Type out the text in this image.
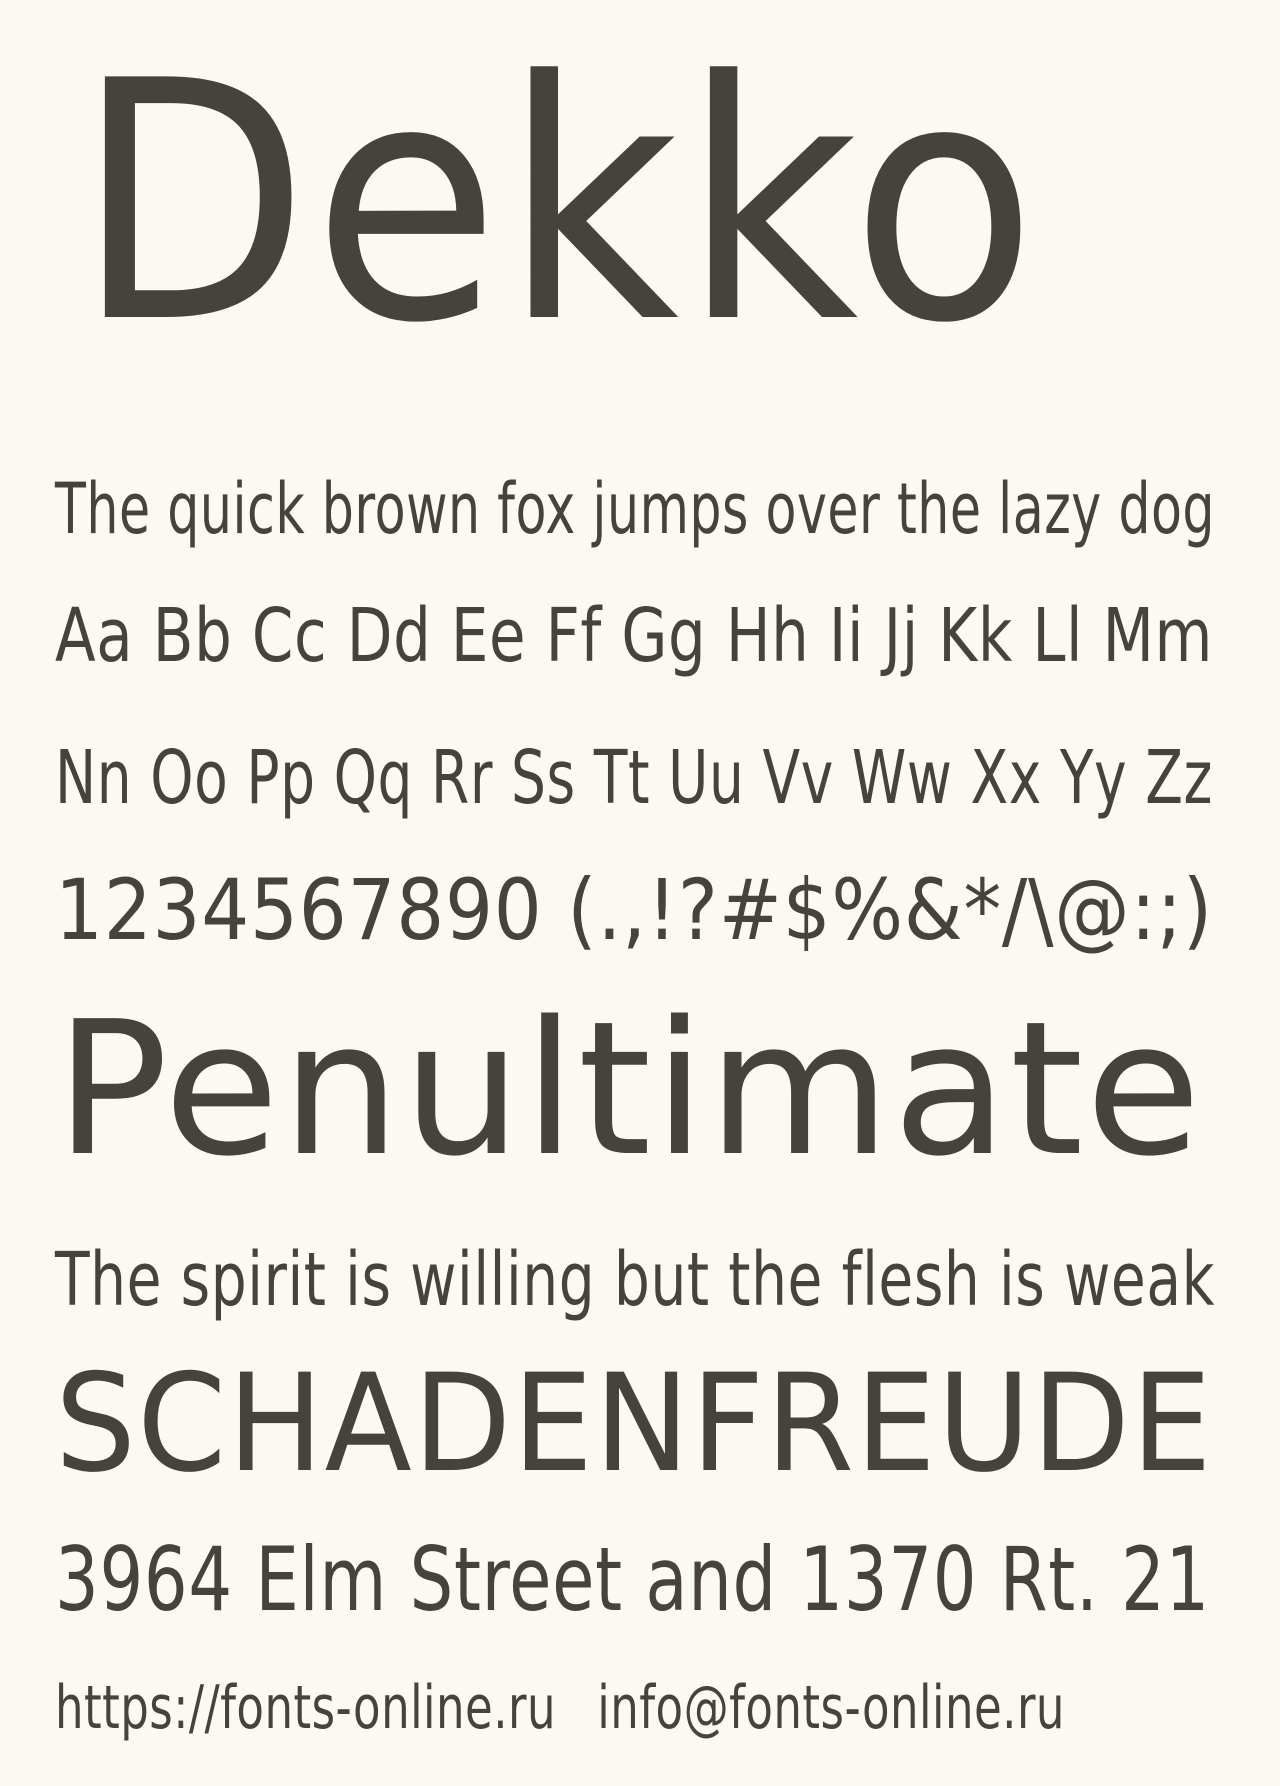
Dekko
The quick brown fox jumps over the lazy dog
Aa Bb Cc Dd Ee Ff Gg Hh Ii Jj Kk Ll Mm
Nn Oo Pp Qq Rr Ss Tt Uu Vv Ww Xx Yy Zz
1234567890 (.,!?#$%&*/\@:;)
Penultimate
The spirit is willing but the flesh is weak
SCHADENFREUDE
3964 Elm Street and 1370 Rt. 21
https://fonts-online.ru info@fonts-online.ru
